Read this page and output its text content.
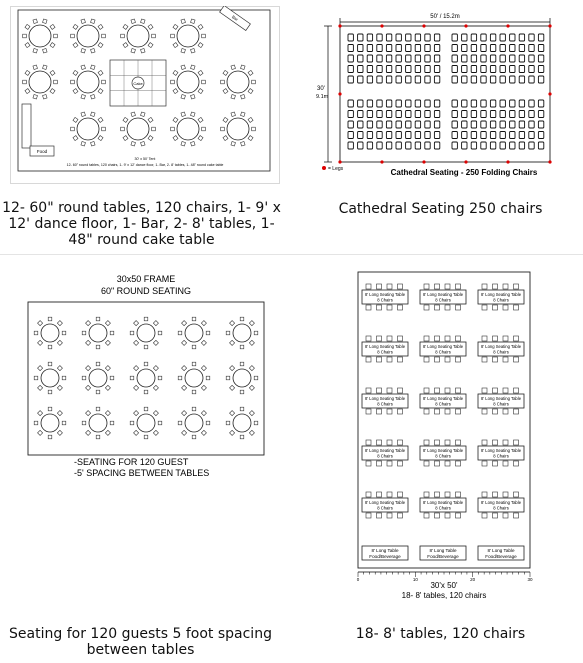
Cake
Bar
Food
30' x 50' Tent
12- 60" round tables, 120 chairs, 1- 9' x 12' dance floor, 1- Bar, 2- 8' tables, 1- 48" round cake table
12- 60" round tables, 120 chairs, 1- 9' x 12' dance floor, 1- Bar, 2- 8' tables, 1- 48" round cake table
50' / 15.2m
30'
9.1m
= Legs	Cathedral Seating - 250 Folding Chairs
Cathedral Seating 250 chairs
30x50 FRAME
60" ROUND SEATING
-SEATING FOR 120 GUEST
-5' SPACING BETWEEN TABLES
Seating for 120 guests 5 foot spacing between tables
8' Long Seating Table
8 Chairs
8' Long Seating Table
8 Chairs
8' Long Seating Table
8 Chairs
8' Long Seating Table
8 Chairs
8' Long Seating Table
8 Chairs
8' Long Seating Table
8 Chairs
8' Long Seating Table
8 Chairs
8' Long Seating Table
8 Chairs
8' Long Seating Table
8 Chairs
8' Long Seating Table
8 Chairs
8' Long Seating Table
8 Chairs
8' Long Seating Table
8 Chairs
8' Long Seating Table
8 Chairs
8' Long Seating Table
8 Chairs
8' Long Seating Table
8 Chairs
8' Long Table
Food/Beverage
8' Long Table
Food/Beverage
8' Long Table
Food/Beverage
0	10	20	30
30'x 50'
18- 8' tables, 120 chairs
18- 8' tables, 120 chairs
